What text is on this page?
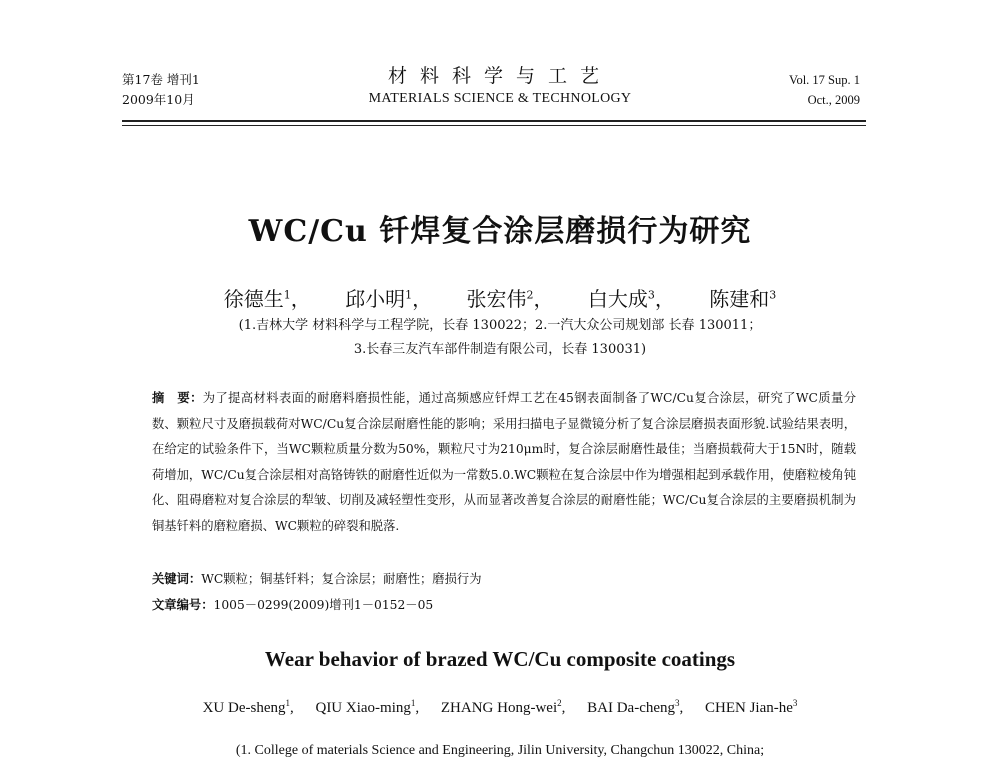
第17卷 增刊1
2009年10月
材料科学与工艺
MATERIALS SCIENCE & TECHNOLOGY
Vol. 17 Sup. 1
Oct., 2009
WC/Cu 钎焊复合涂层磨损行为研究
徐德生$^1$， 邱小明$^1$， 张宏伟$^2$， 白大成$^3$， 陈建和$^3$
(1.吉林大学 材料科学与工程学院，长春 130022；2.一汽大众公司规划部 长春 130011；
3.长春三友汽车部件制造有限公司，长春 130031)
摘　要：为了提高材料表面的耐磨料磨损性能，通过高频感应钎焊工艺在45钢表面制备了WC/Cu复合涂层，研究了WC质量分数、颗粒尺寸及磨损载荷对WC/Cu复合涂层耐磨性能的影响；采用扫描电子显微镜分析了复合涂层磨损表面形貌.试验结果表明，在给定的试验条件下，当WC颗粒质量分数为50%，颗粒尺寸为210μm时，复合涂层耐磨性最佳；当磨损载荷大于15N时，随载荷增加，WC/Cu复合涂层相对高铬铸铁的耐磨性近似为一常数5.0.WC颗粒在复合涂层中作为增强相起到承载作用，使磨粒棱角钝化、阻碍磨粒对复合涂层的犁皱、切削及减轻塑性变形，从而显著改善复合涂层的耐磨性能；WC/Cu复合涂层的主要磨损机制为铜基钎料的磨粒磨损、WC颗粒的碎裂和脱落.
关键词：WC颗粒；铜基钎料；复合涂层；耐磨性；磨损行为
文章编号：1005－0299(2009)增刊1－0152－05
Wear behavior of brazed WC/Cu composite coatings
XU De-sheng$^1$, QIU Xiao-ming$^1$, ZHANG Hong-wei$^2$, BAI Da-cheng$^3$, CHEN Jian-$he^3$
(1. College of materials Science and Engineering, Jilin University, Changchun 130022, China;
